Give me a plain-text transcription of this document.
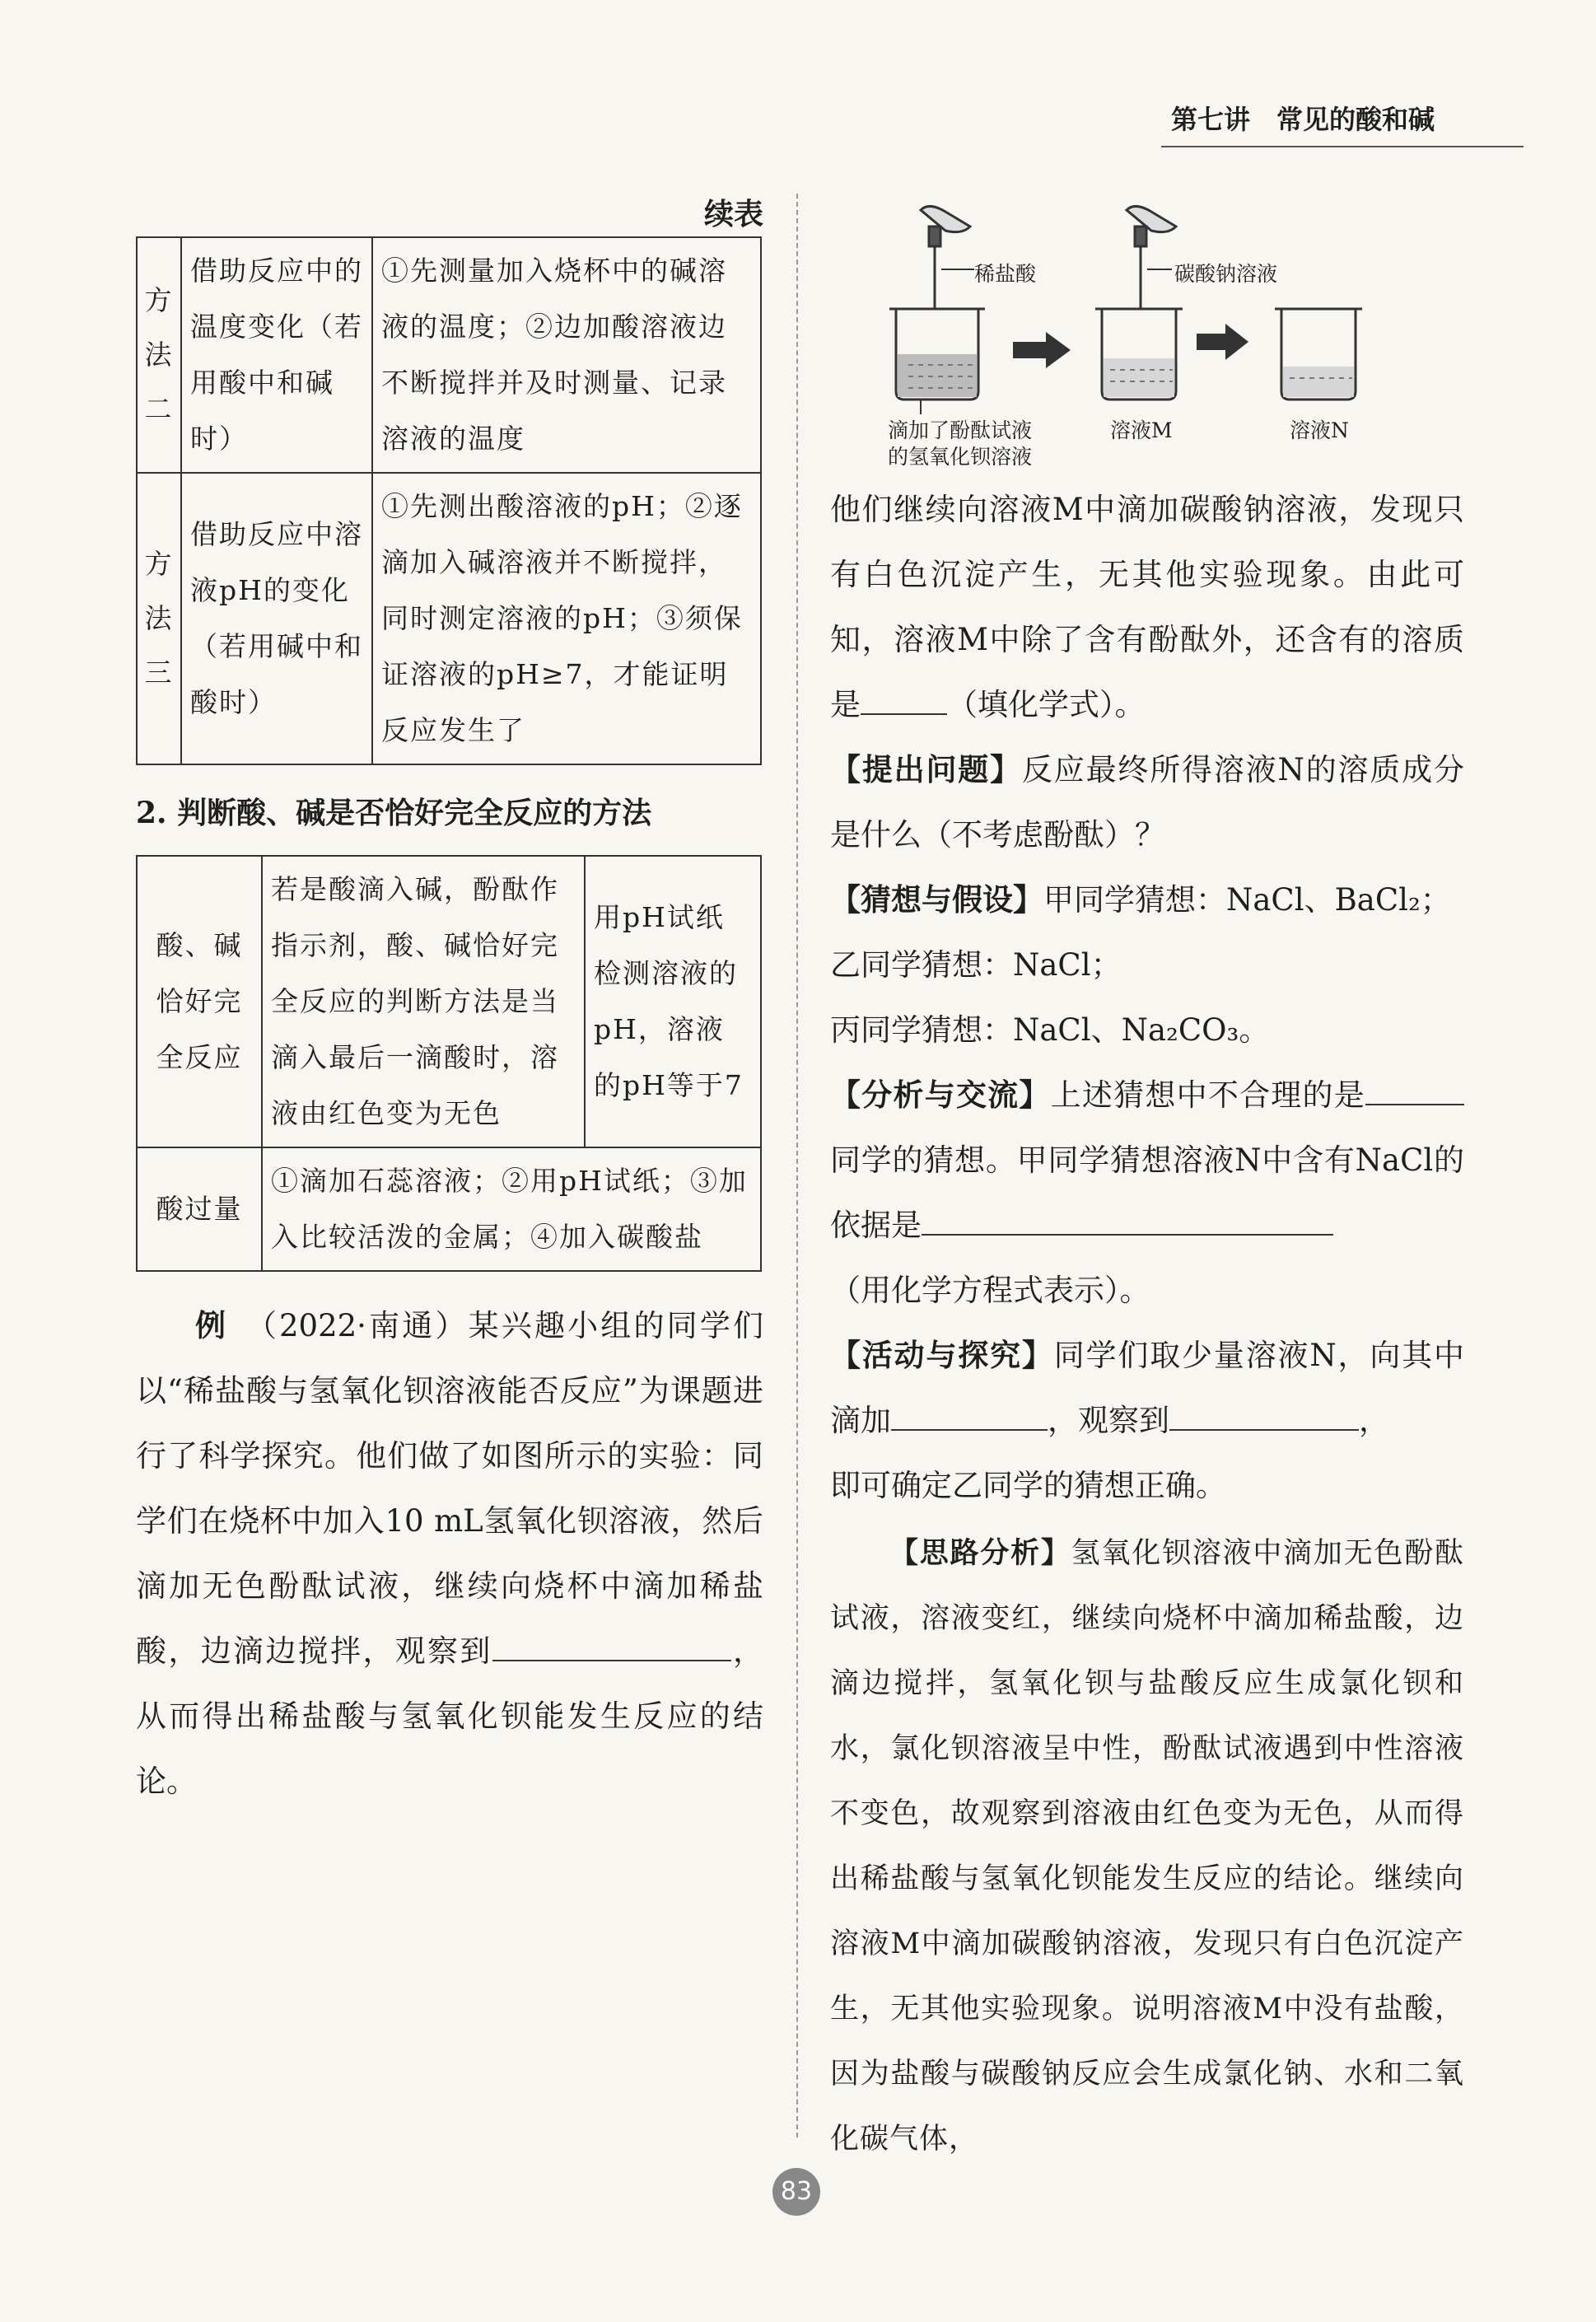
第七讲　常见的酸和碱
续表
方法二	借助反应中的温度变化（若用酸中和碱时）	①先测量加入烧杯中的碱溶液的温度；②边加酸溶液边不断搅拌并及时测量、记录溶液的温度

方法三	借助反应中溶液pH的变化（若用碱中和酸时）	①先测出酸溶液的pH；②逐滴加入碱溶液并不断搅拌，同时测定溶液的pH；③须保证溶液的pH≥7，才能证明反应发生了
2. 判断酸、碱是否恰好完全反应的方法
酸、碱恰好完全反应	若是酸滴入碱，酚酞作指示剂，酸、碱恰好完全反应的判断方法是当滴入最后一滴酸时，溶液由红色变为无色	用pH试纸检测溶液的pH，溶液的pH等于7
酸过量	①滴加石蕊溶液；②用pH试纸；③加入比较活泼的金属；④加入碳酸盐	

例　 （2022·南通）某兴趣小组的同学们以“稀盐酸与氢氧化钡溶液能否反应”为课题进行了科学探究。他们做了如图所示的实验：同学们在烧杯中加入10 mL氢氧化钡溶液，然后滴加无色酚酞试液，继续向烧杯中滴加稀盐酸，边滴边搅拌，观察到	，从而得出稀盐酸与氢氧化钡能发生反应的结论。

稀盐酸	碳酸钠溶液
滴加了酚酞试液
的氢氧化钡溶液
溶液M	溶液N

他们继续向溶液M中滴加碳酸钠溶液，发现只有白色沉淀产生，无其他实验现象。由此可知，溶液M中除了含有酚酞外，还含有的溶质是	（填化学式）。

【提出问题】反应最终所得溶液N的溶质成分是什么（不考虑酚酞）？

【猜想与假设】甲同学猜想：NaCl、BaCl₂；

乙同学猜想：NaCl；

丙同学猜想：NaCl、Na₂CO₃。

【分析与交流】上述猜想中不合理的是同学的猜想。甲同学猜想溶液N中含有NaCl的依据是
（用化学方程式表示）。

【活动与探究】同学们取少量溶液N，向其中滴加	，观察到	，
即可确定乙同学的猜想正确。

【思路分析】氢氧化钡溶液中滴加无色酚酞试液，溶液变红，继续向烧杯中滴加稀盐酸，边滴边搅拌，氢氧化钡与盐酸反应生成氯化钡和水，氯化钡溶液呈中性，酚酞试液遇到中性溶液不变色，故观察到溶液由红色变为无色，从而得出稀盐酸与氢氧化钡能发生反应的结论。继续向溶液M中滴加碳酸钠溶液，发现只有白色沉淀产生，无其他实验现象。说明溶液M中没有盐酸，因为盐酸与碳酸钠反应会生成氯化钠、水和二氧化碳气体，

83
